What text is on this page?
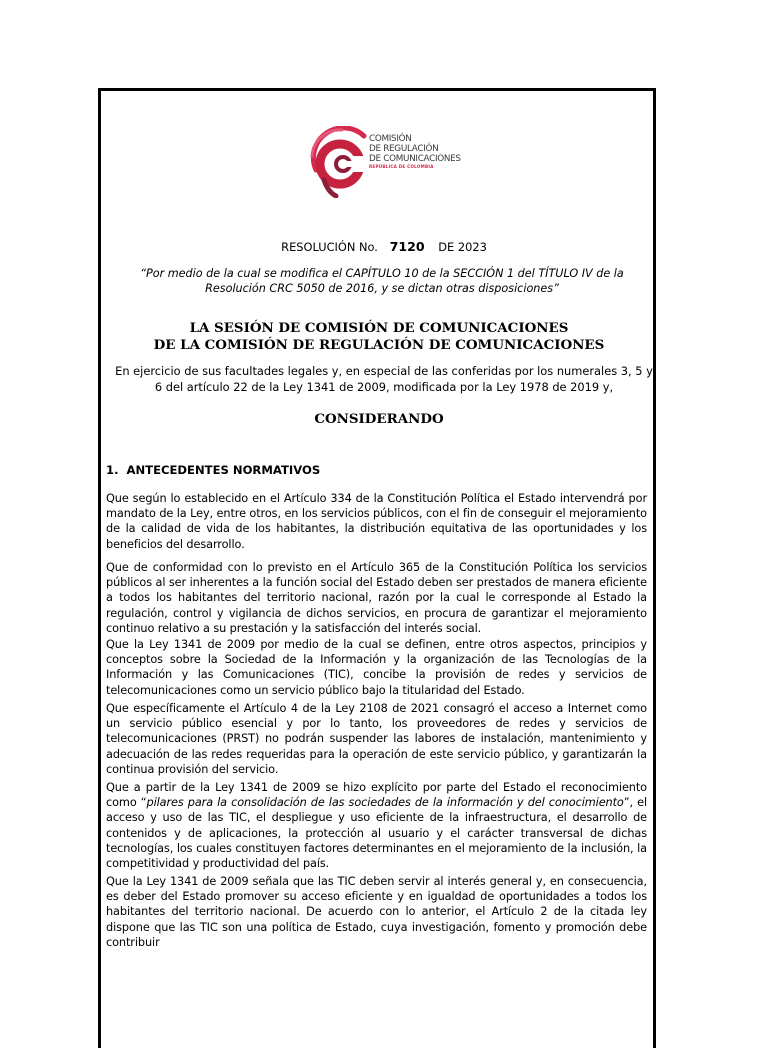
COMISIÓN
DE REGULACIÓN
DE COMUNICACIONES
REPÚBLICA DE COLOMBIA
RESOLUCIÓN No. 7120 DE 2023
“Por medio de la cual se modifica el CAPÍTULO 10 de la SECCIÓN 1 del TÍTULO IV de la Resolución CRC 5050 de 2016, y se dictan otras disposiciones”
LA SESIÓN DE COMISIÓN DE COMUNICACIONES
DE LA COMISIÓN DE REGULACIÓN DE COMUNICACIONES
En ejercicio de sus facultades legales y, en especial de las conferidas por los numerales 3, 5 y 6 del artículo 22 de la Ley 1341 de 2009, modificada por la Ley 1978 de 2019 y,
CONSIDERANDO
1. ANTECEDENTES NORMATIVOS
Que según lo establecido en el Artículo 334 de la Constitución Política el Estado intervendrá por mandato de la Ley, entre otros, en los servicios públicos, con el fin de conseguir el mejoramiento de la calidad de vida de los habitantes, la distribución equitativa de las oportunidades y los beneficios del desarrollo.
Que de conformidad con lo previsto en el Artículo 365 de la Constitución Política los servicios públicos al ser inherentes a la función social del Estado deben ser prestados de manera eficiente a todos los habitantes del territorio nacional, razón por la cual le corresponde al Estado la regulación, control y vigilancia de dichos servicios, en procura de garantizar el mejoramiento continuo relativo a su prestación y la satisfacción del interés social.
Que la Ley 1341 de 2009 por medio de la cual se definen, entre otros aspectos, principios y conceptos sobre la Sociedad de la Información y la organización de las Tecnologías de la Información y las Comunicaciones (TIC), concibe la provisión de redes y servicios de telecomunicaciones como un servicio público bajo la titularidad del Estado.
Que específicamente el Artículo 4 de la Ley 2108 de 2021 consagró el acceso a Internet como un servicio público esencial y por lo tanto, los proveedores de redes y servicios de telecomunicaciones (PRST) no podrán suspender las labores de instalación, mantenimiento y adecuación de las redes requeridas para la operación de este servicio público, y garantizarán la continua provisión del servicio.
Que a partir de la Ley 1341 de 2009 se hizo explícito por parte del Estado el reconocimiento como “pilares para la consolidación de las sociedades de la información y del conocimiento”, el acceso y uso de las TIC, el despliegue y uso eficiente de la infraestructura, el desarrollo de contenidos y de aplicaciones, la protección al usuario y el carácter transversal de dichas tecnologías, los cuales constituyen factores determinantes en el mejoramiento de la inclusión, la competitividad y productividad del país.
Que la Ley 1341 de 2009 señala que las TIC deben servir al interés general y, en consecuencia, es deber del Estado promover su acceso eficiente y en igualdad de oportunidades a todos los habitantes del territorio nacional. De acuerdo con lo anterior, el Artículo 2 de la citada ley dispone que las TIC son una política de Estado, cuya investigación, fomento y promoción debe contribuir
